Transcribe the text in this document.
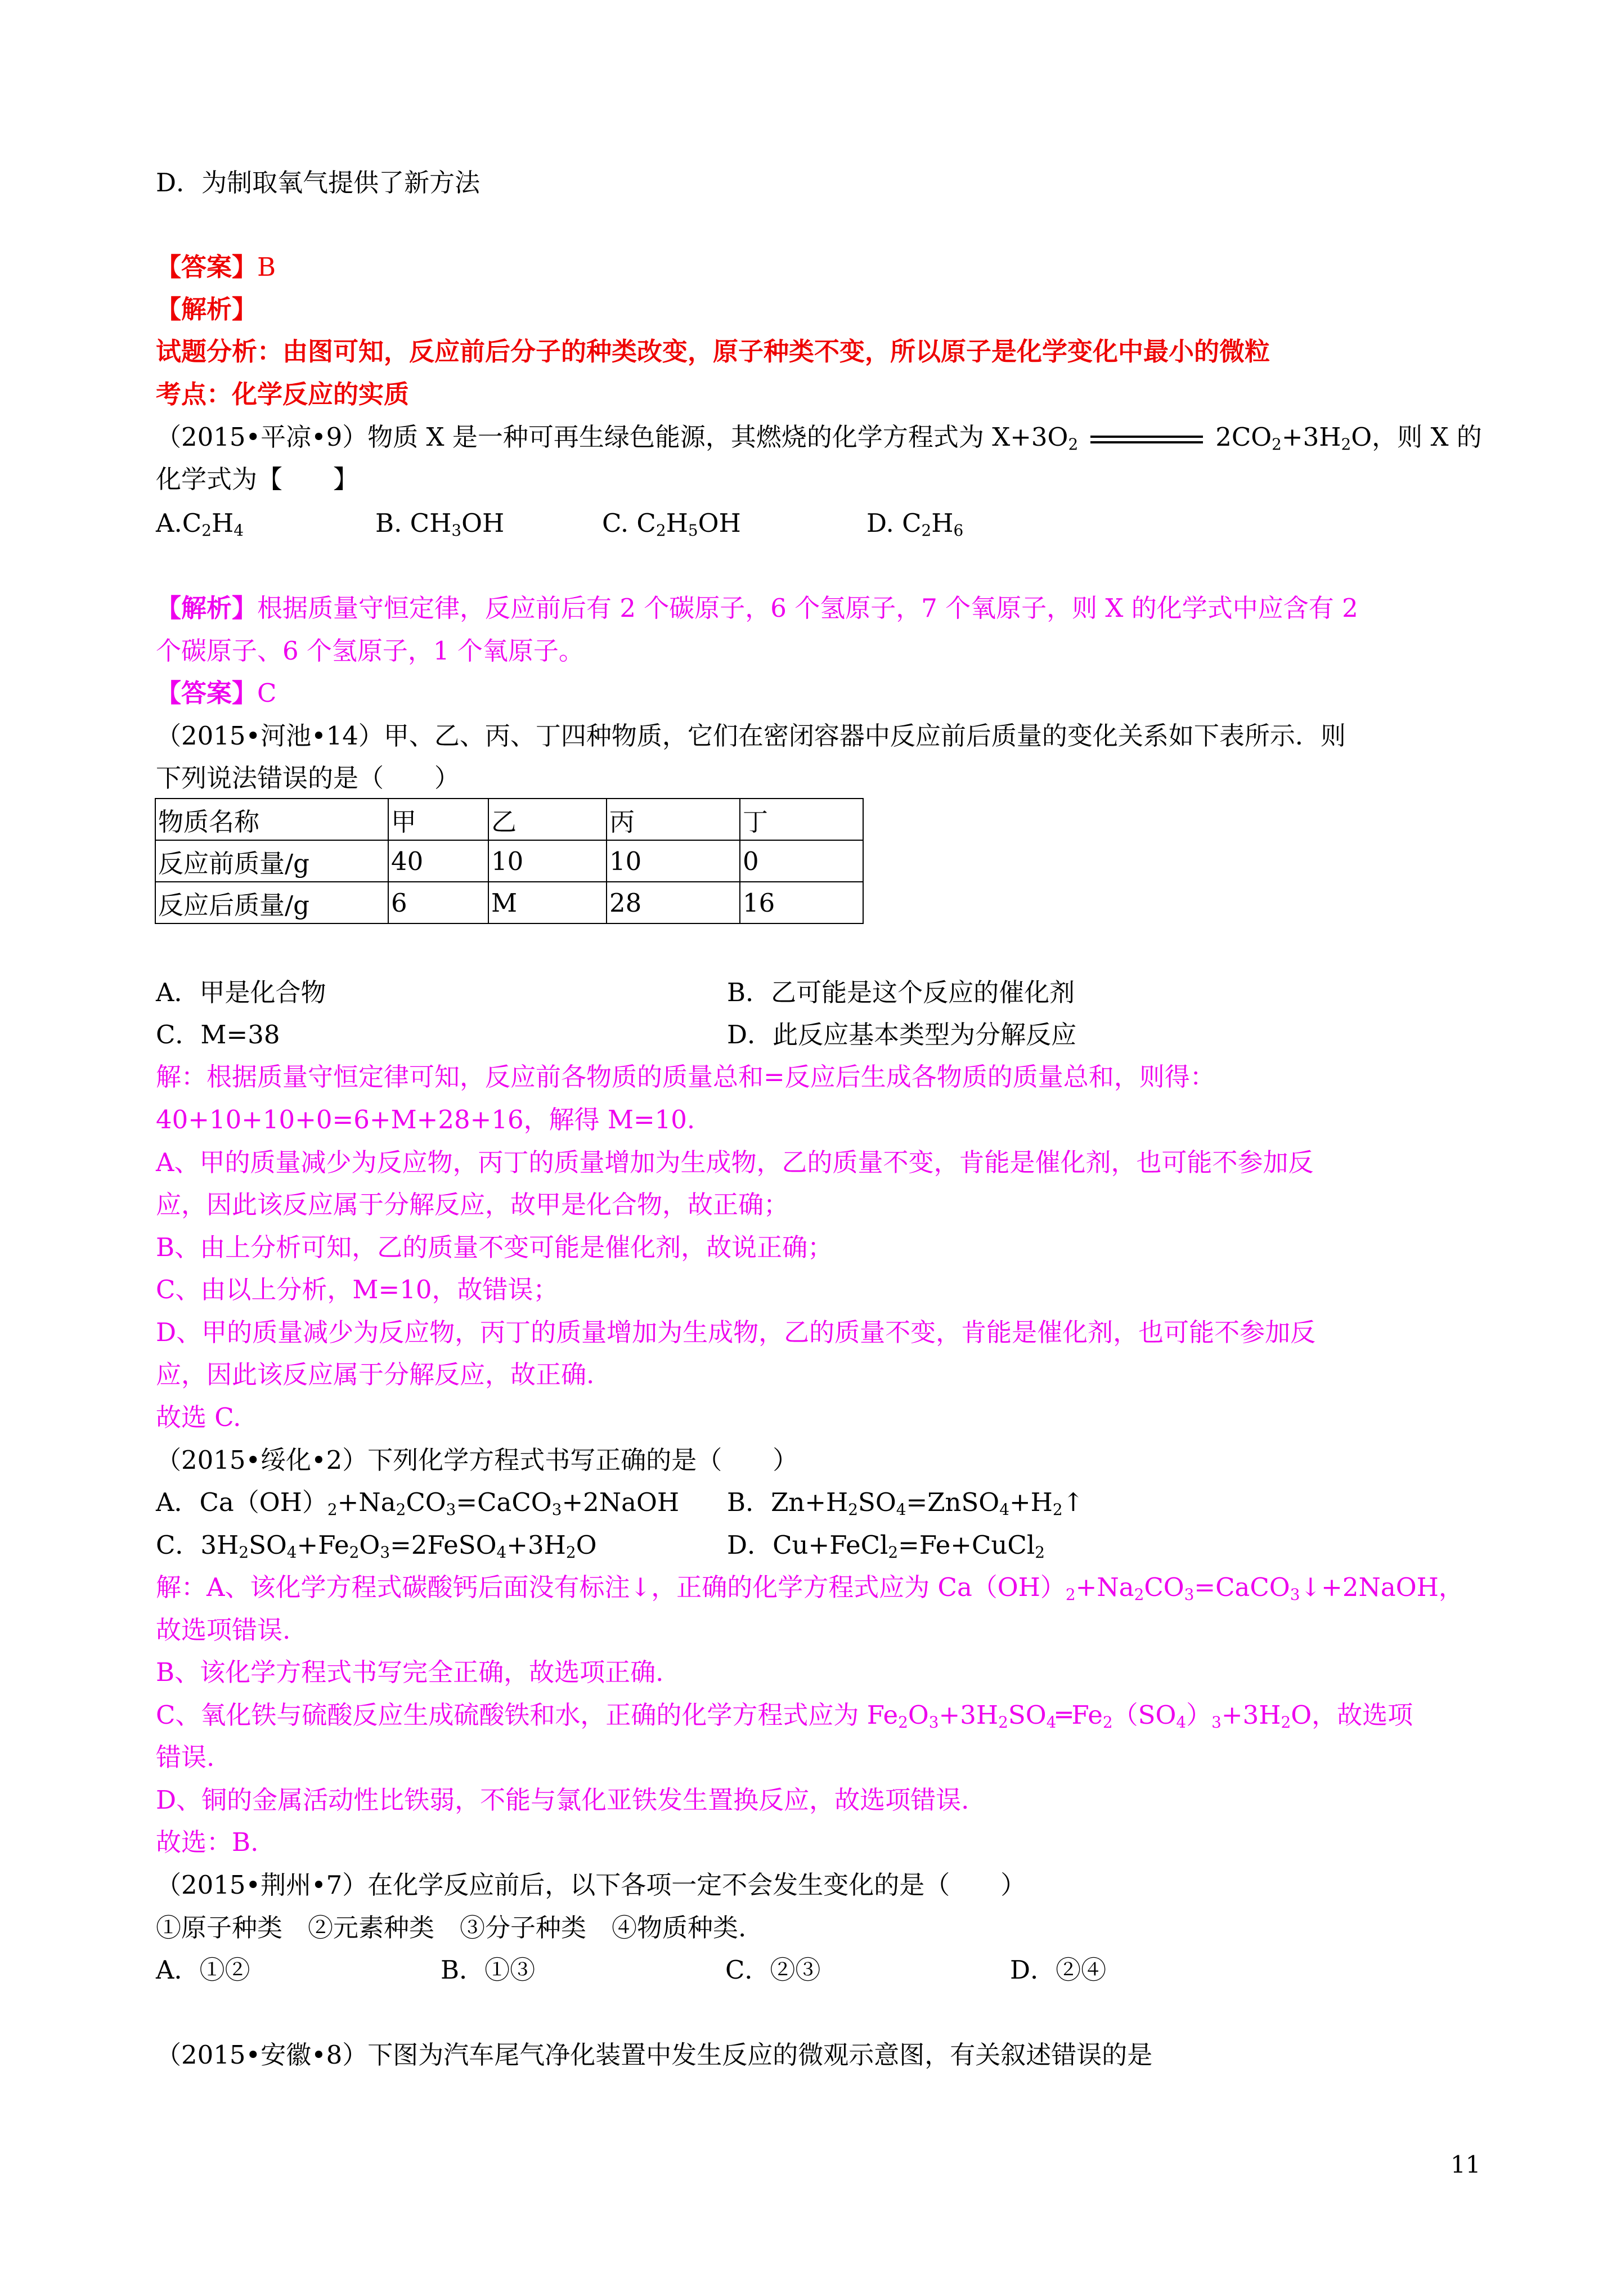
D．为制取氧气提供了新方法
【答案】B
【解析】
试题分析：由图可知，反应前后分子的种类改变，原子种类不变，所以原子是化学变化中最小的微粒
考点：化学反应的实质
（2015•平凉•9）物质 X 是一种可再生绿色能源，其燃烧的化学方程式为 $X+3O_2$	$2CO_2+3H_2O$，则 X 的
化学式为【　　】
$A.C_2H_4$	B. $CH_3OH$	C. $C_2H_5OH$	D. $C_2H_6$
【解析】根据质量守恒定律，反应前后有 2 个碳原子，6 个氢原子，7 个氧原子，则 X 的化学式中应含有 2
个碳原子、6 个氢原子，1 个氧原子。
【答案】C
（2015•河池•14）甲、乙、丙、丁四种物质，它们在密闭容器中反应前后质量的变化关系如下表所示．则
下列说法错误的是（　　）
物质名称	甲	乙	丙	丁
反应前质量/g	40	10	10	0
反应后质量/g	6	M	28	16
A．甲是化合物	B．乙可能是这个反应的催化剂
C．M=38	D．此反应基本类型为分解反应
解：根据质量守恒定律可知，反应前各物质的质量总和=反应后生成各物质的质量总和，则得：
40+10+10+0=6+M+28+16，解得 M=10.
A、甲的质量减少为反应物，丙丁的质量增加为生成物，乙的质量不变，肯能是催化剂，也可能不参加反
应，因此该反应属于分解反应，故甲是化合物，故正确；
B、由上分析可知，乙的质量不变可能是催化剂，故说正确；
C、由以上分析，M=10，故错误；
D、甲的质量减少为反应物，丙丁的质量增加为生成物，乙的质量不变，肯能是催化剂，也可能不参加反
应，因此该反应属于分解反应，故正确.
故选 C.
（2015•绥化•2）下列化学方程式书写正确的是（　　）
A．$Ca(OH)_2+Na_2CO_3=CaCO_3+2NaOH$ B．$Zn+H_2SO_4=ZnSO_4+H_2↑$
C．$3H_2SO_4+Fe_2O_3=2FeSO_4+3H_2O$	D．Cu+FeCl$_2$=Fe+CuCl$_2$
解：A、该化学方程式碳酸钙后面没有标注↓，正确的化学方程式应为 $Ca(OH)_2+Na_2CO_3=CaCO_3↓+2NaOH$，
故选项错误.
B、该化学方程式书写完全正确，故选项正确.
C、氧化铁与硫酸反应生成硫酸铁和水，正确的化学方程式应为 $Fe_2O_3+3H_2SO_4═Fe_2(SO_4)_3+3H_2O$，故选项
错误.
D、铜的金属活动性比铁弱，不能与氯化亚铁发生置换反应，故选项错误.
故选：B.
（2015•荆州•7）在化学反应前后，以下各项一定不会发生变化的是（　　）
①原子种类　②元素种类　③分子种类　④物质种类.
A．①②	B．①③	C．②③	D．②④
（2015•安徽•8）下图为汽车尾气净化装置中发生反应的微观示意图，有关叙述错误的是
11
